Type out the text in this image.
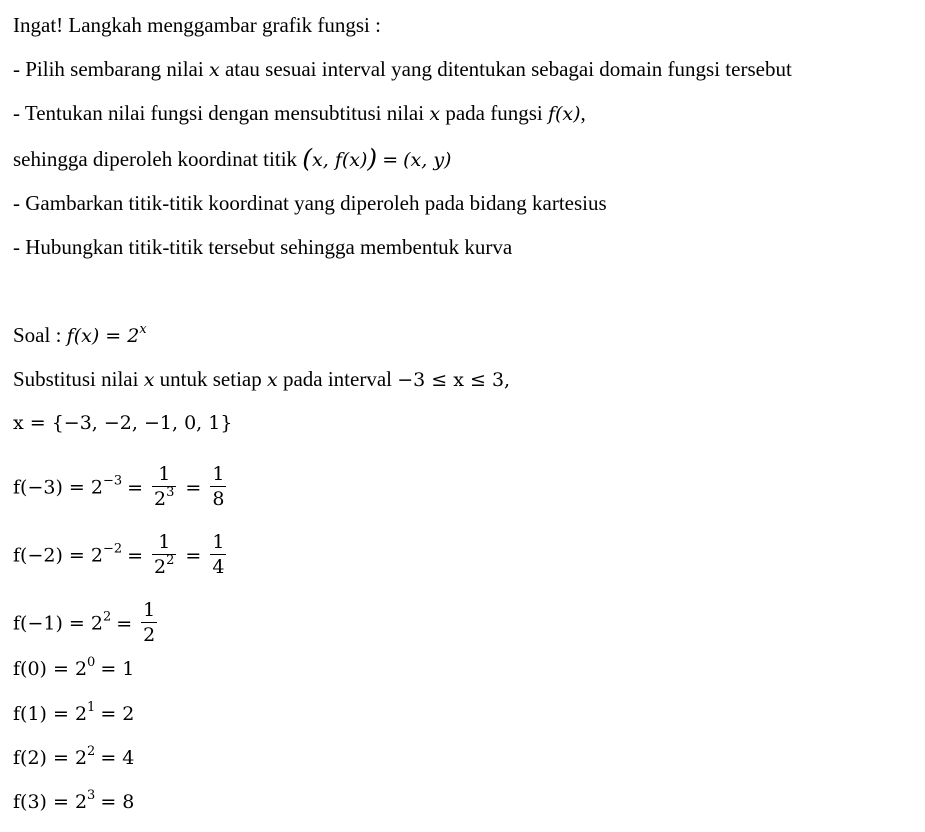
Ingat! Langkah menggambar grafik fungsi :
- Pilih sembarang nilai x atau sesuai interval yang ditentukan sebagai domain fungsi tersebut
- Tentukan nilai fungsi dengan mensubtitusi nilai x pada fungsi f(x),
sehingga diperoleh koordinat titik (x, f(x)) = (x, y)
- Gambarkan titik-titik koordinat yang diperoleh pada bidang kartesius
- Hubungkan titik-titik tersebut sehingga membentuk kurva
Soal : $f(x) = 2^x$
Substitusi nilai x untuk setiap x pada interval −3 ≤ x ≤ 3,
x = {−3, −2, −1, 0, 1}
$f(-3) = 2^{-3} = \frac{1}{2^3} = \frac{1}{8}$
$f(-2) = 2^{-2} = \frac{1}{2^2} = \frac{1}{4}$
$f(-1) = 2^2 = \frac{1}{2}$
$f(0) = 2^0 = 1$
$f(1) = 2^1 = 2$
$f(2) = 2^2 = 4$
$f(3) = 2^3 = 8$
